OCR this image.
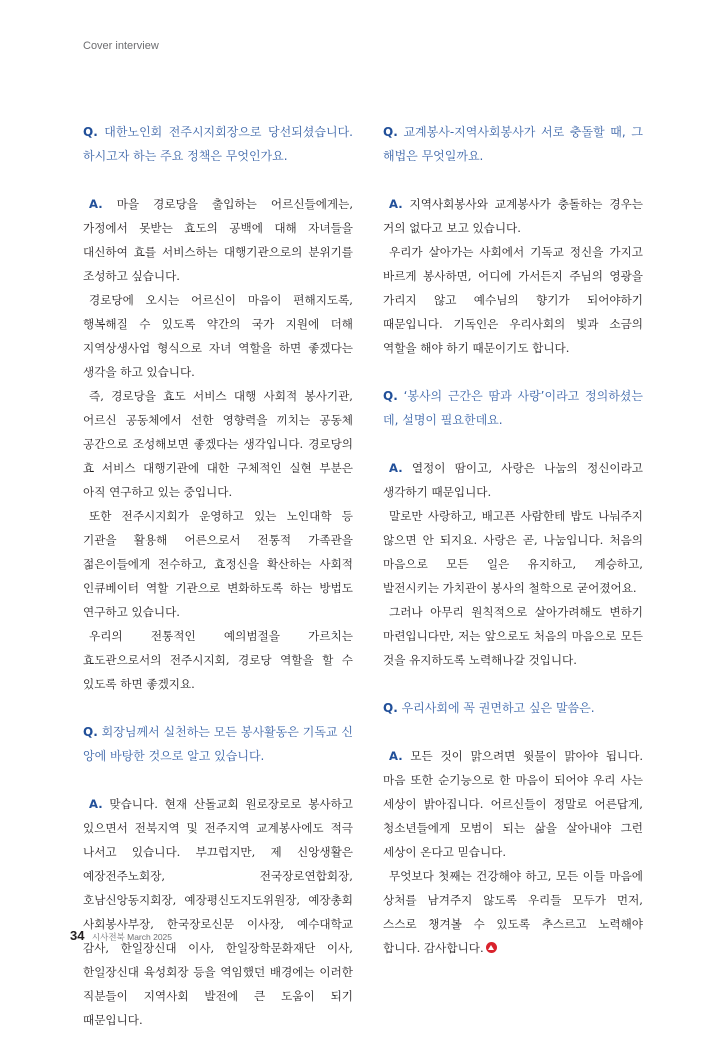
Cover interview

Q. 대한노인회 전주시지회장으로 당선되셨습니다. 하시고자 하는 주요 정책은 무엇인가요.

A. 마을 경로당을 출입하는 어르신들에게는, 가정에서 못받는 효도의 공백에 대해 자녀들을 대신하여 효를 서비스하는 대행기관으로의 분위기를 조성하고 싶습니다.

경로당에 오시는 어르신이 마음이 편해지도록, 행복해질 수 있도록 약간의 국가 지원에 더해 지역상생사업 형식으로 자녀 역할을 하면 좋겠다는 생각을 하고 있습니다.

즉, 경로당을 효도 서비스 대행 사회적 봉사기관, 어르신 공동체에서 선한 영향력을 끼치는 공동체 공간으로 조성해보면 좋겠다는 생각입니다. 경로당의 효 서비스 대행기관에 대한 구체적인 실현 부분은 아직 연구하고 있는 중입니다.

또한 전주시지회가 운영하고 있는 노인대학 등 기관을 활용해 어른으로서 전통적 가족관을 젊은이들에게 전수하고, 효정신을 확산하는 사회적 인큐베이터 역할 기관으로 변화하도록 하는 방법도 연구하고 있습니다.

우리의 전통적인 예의범절을 가르치는 효도관으로서의 전주시지회, 경로당 역할을 할 수 있도록 하면 좋겠지요.

Q. 회장님께서 실천하는 모든 봉사활동은 기독교 신앙에 바탕한 것으로 알고 있습니다.

A. 맞습니다. 현재 산돌교회 원로장로로 봉사하고 있으면서 전북지역 및 전주지역 교계봉사에도 적극 나서고 있습니다. 부끄럽지만, 제 신앙생활은 예장전주노회장, 전국장로연합회장, 호남신앙동지회장, 예장평신도지도위원장, 예장총회 사회봉사부장, 한국장로신문 이사장, 예수대학교 감사, 한일장신대 이사, 한일장학문화재단 이사, 한일장신대 육성회장 등을 역임했던 배경에는 이러한 직분들이 지역사회 발전에 큰 도움이 되기 때문입니다.

Q. 교계봉사-지역사회봉사가 서로 충돌할 때, 그 해법은 무엇일까요.

A. 지역사회봉사와 교계봉사가 충돌하는 경우는 거의 없다고 보고 있습니다.

우리가 살아가는 사회에서 기독교 정신을 가지고 바르게 봉사하면, 어디에 가서든지 주님의 영광을 가리지 않고 예수님의 향기가 되어야하기 때문입니다. 기독인은 우리사회의 빛과 소금의 역할을 해야 하기 때문이기도 합니다.

Q. ‘봉사의 근간은 땀과 사랑’이라고 정의하셨는데, 설명이 필요한데요.

A. 열정이 땀이고, 사랑은 나눔의 정신이라고 생각하기 때문입니다.

말로만 사랑하고, 배고픈 사람한테 밥도 나눠주지 않으면 안 되지요. 사랑은 곧, 나눔입니다. 처음의 마음으로 모든 일은 유지하고, 계승하고, 발전시키는 가치관이 봉사의 철학으로 굳어졌어요.

그러나 아무리 원칙적으로 살아가려해도 변하기 마련입니다만, 저는 앞으로도 처음의 마음으로 모든 것을 유지하도록 노력해나갈 것입니다.

Q. 우리사회에 꼭 권면하고 싶은 말씀은.

A. 모든 것이 맑으려면 윗물이 맑아야 됩니다. 마음 또한 순기능으로 한 마음이 되어야 우리 사는 세상이 밝아집니다. 어르신들이 정말로 어른답게, 청소년들에게 모범이 되는 삶을 살아내야 그런 세상이 온다고 믿습니다.

무엇보다 첫째는 건강해야 하고, 모든 이들 마음에 상처를 남겨주지 않도록 우리들 모두가 먼저, 스스로 챙겨볼 수 있도록 추스르고 노력해야 합니다. 감사합니다.

34 시사전북 March 2025
